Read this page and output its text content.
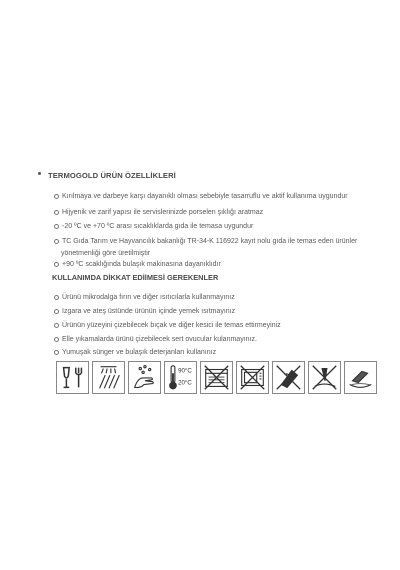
TERMOGOLD ÜRÜN ÖZELLİKLERİ
Kırılmaya ve darbeye karşı dayanıklı olması sebebiyle tasarruflu ve aktif kullanıma uygundur
Hijyenik ve zarif yapısı ile servislerinizde porselen şıklığı aratmaz
-20 ºC ve +70 ºC arası sıcaklıklarda gıda ile temasa uygundur
TC Gıda Tarım ve Hayvancılık bakanlığı TR-34-K 116922 kayıt nolu gıda ile temas eden ürünler
yönetmenliği göre üretilmiştir
+90 ºC scaklığında bulaşık makinasına dayanıklıdır
KULLANIMDA DİKKAT EDİlMESİ GEREKENLER
Ürünü mikrodalga fırın ve diğer ısıtıcılarla kullanmayınız
Izgara ve ateş üstünde ürünün içinde yemek ısıtmayınız
Ürünün yüzeyini çizebilecek bıçak ve diğer kesici ile temas ettirmeyiniz
Elle yıkamalarda ürünü çizebilecek sert ovucular kulanmayınız.
Yumuşak sünger ve bulaşık deterjanları kullanınız
90°C
20°C
